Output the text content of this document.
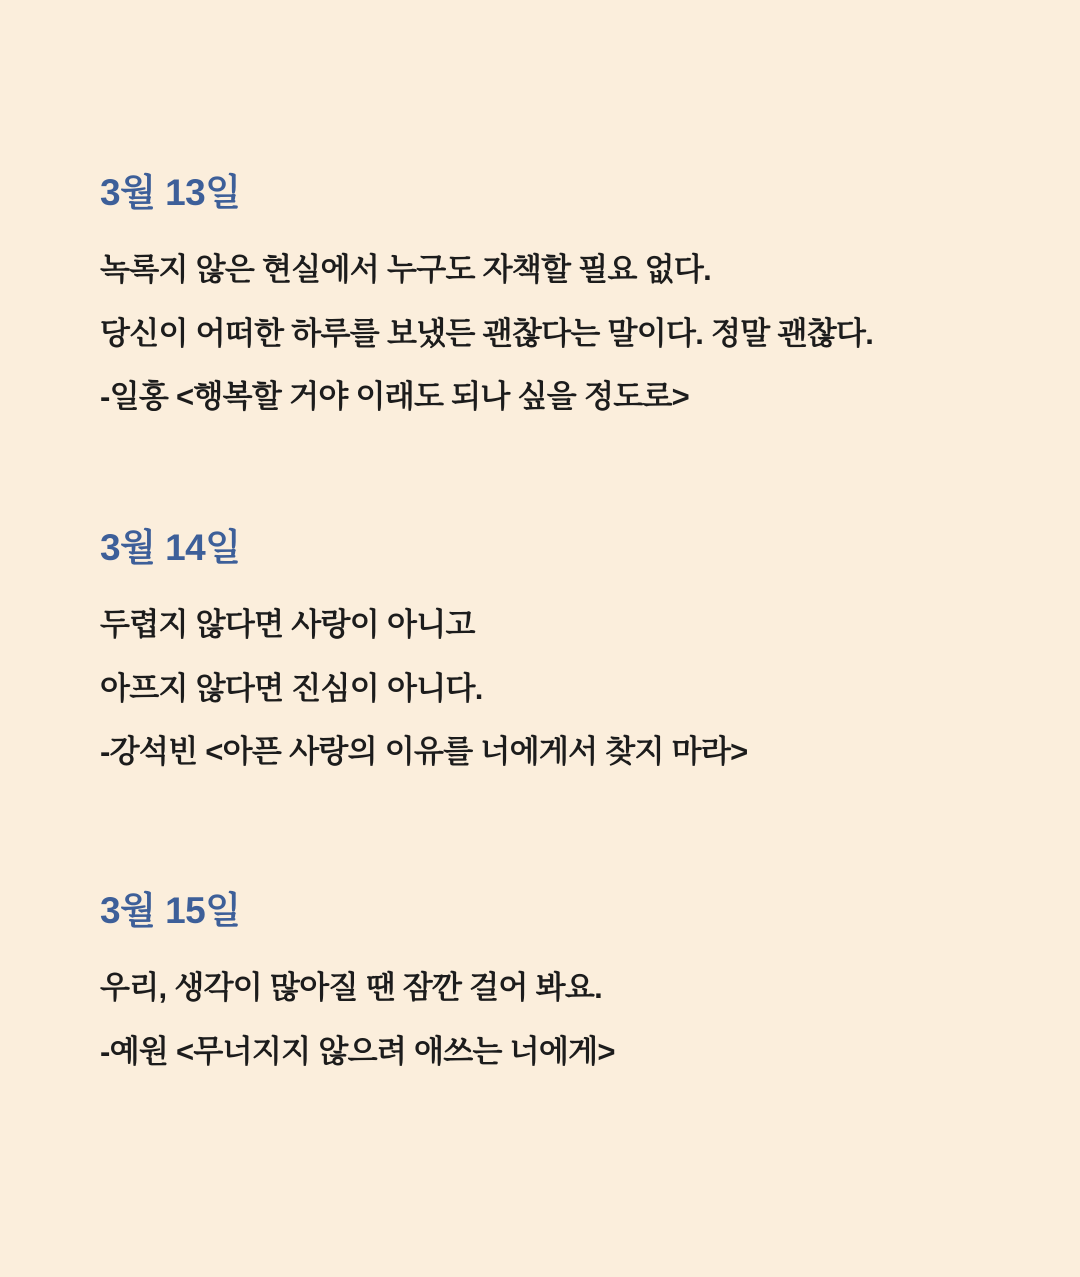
3월 13일

녹록지 않은 현실에서 누구도 자책할 필요 없다.

당신이 어떠한 하루를 보냈든 괜찮다는 말이다. 정말 괜찮다.

-일홍 <행복할 거야 이래도 되나 싶을 정도로>

3월 14일

두렵지 않다면 사랑이 아니고

아프지 않다면 진심이 아니다.

-강석빈 <아픈 사랑의 이유를 너에게서 찾지 마라>

3월 15일

우리, 생각이 많아질 땐 잠깐 걸어 봐요.

-예원 <무너지지 않으려 애쓰는 너에게>
